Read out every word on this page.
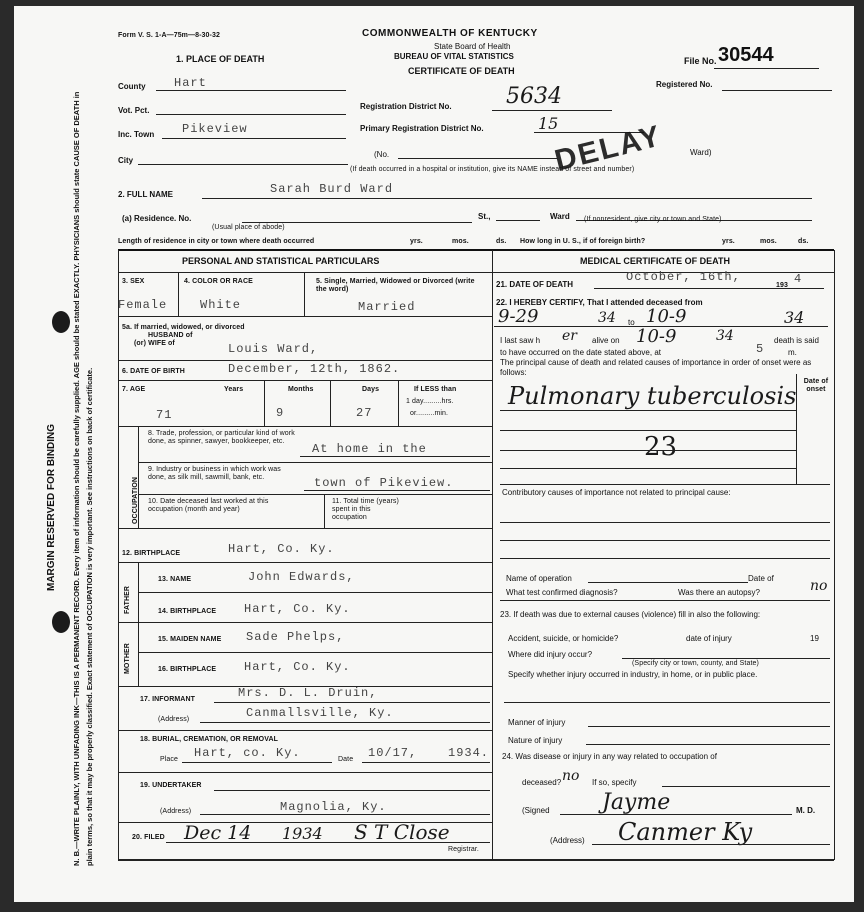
MARGIN RESERVED FOR BINDING N. B.—WRITE PLAINLY, WITH UNFADING INK—THIS IS A PERMANENT RECORD. Every item of information should be carefully supplied. AGE should be stated EXACTLY. PHYSICIANS should state CAUSE OF DEATH in plain terms, so that it may be properly classified. Exact statement of OCCUPATION is very important. See instructions on back of certificate.
Form V. S. 1-A—75m—8-30-32	COMMONWEALTH OF KENTUCKY
State Board of Health
BUREAU OF VITAL STATISTICS
CERTIFICATE OF DEATH
File No. 30544
Registered No.
Registration District No. 5634
Primary Registration District No.	15
DELAY
1. PLACE OF DEATH
County Hart
Vot. Pct.
Inc. Town Pikeview
City
(No.	Ward)
(If death occurred in a hospital or institution, give its NAME instead of street and number)
2. FULL NAME	Sarah Burd Ward
(a) Residence. No.
(Usual place of abode)
St.,	Ward (If nonresident, give city or town and State)
Length of residence in city or town where death occurred	yrs.	mos.	ds. How long in U. S., if of foreign birth?	yrs.	mos.	ds.
PERSONAL AND STATISTICAL PARTICULARS
3. SEX
Female
4. COLOR OR RACE
White
5. Single, Married, Widowed or Divorced (write the word)
Married
5a. If married, widowed, or divorced
HUSBAND of
(or) WIFE of	Louis Ward,
6. DATE OF BIRTH	December, 12th, 1862.
7. AGE	Years	Months	Days	If LESS than
1 day.........hrs.
or.........min.
71	9	27
OCCUPATION
8. Trade, profession, or particular kind of work done, as spinner, sawyer, bookkeeper, etc.
At home in the
9. Industry or business in which work was done, as silk mill, sawmill, bank, etc.	town of Pikeview.
10. Date deceased last worked at this occupation (month and year)
11. Total time (years) spent in this occupation
12. BIRTHPLACE	Hart, Co. Ky.
FATHER
MOTHER
13. NAME	John Edwards,
14. BIRTHPLACE Hart, Co. Ky.
15. MAIDEN NAME Sade Phelps,
16. BIRTHPLACE Hart, Co. Ky.
17. INFORMANT	Mrs. D. L. Druin,
(Address)	Canmallsville, Ky.
18. BURIAL, CREMATION, OR REMOVAL
Place Hart, co. Ky.	Date 10/17,	1934.
19. UNDERTAKER
(Address)	Magnolia, Ky.
20. FILED Dec 14 1934 S T Close
Registrar.
MEDICAL CERTIFICATE OF DEATH
21. DATE OF DEATH
October, 16th,
193 4
22. I HEREBY CERTIFY, That I attended deceased from
9-29	34 to 10-9	34
I last saw h er alive on 10-9	34	death is said
to have occurred on the date stated above, at	5	m.
The principal cause of death and related causes of importance in order of onset were as follows:
Date of onset
Pulmonary tuberculosis
23
Contributory causes of importance not related to principal cause:
Name of operation	Date of
What test confirmed diagnosis?	Was there an autopsy?	no
23. If death was due to external causes (violence) fill in also the following:
Accident, suicide, or homicide?	date of injury	19
Where did injury occur?
(Specify city or town, county, and State)
Specify whether injury occurred in industry, in home, or in public place.
Manner of injury
Nature of injury
24. Was disease or injury in any way related to occupation of
deceased? no If so, specify
(Signed Jayme	M. D.
(Address) Canmer Ky
